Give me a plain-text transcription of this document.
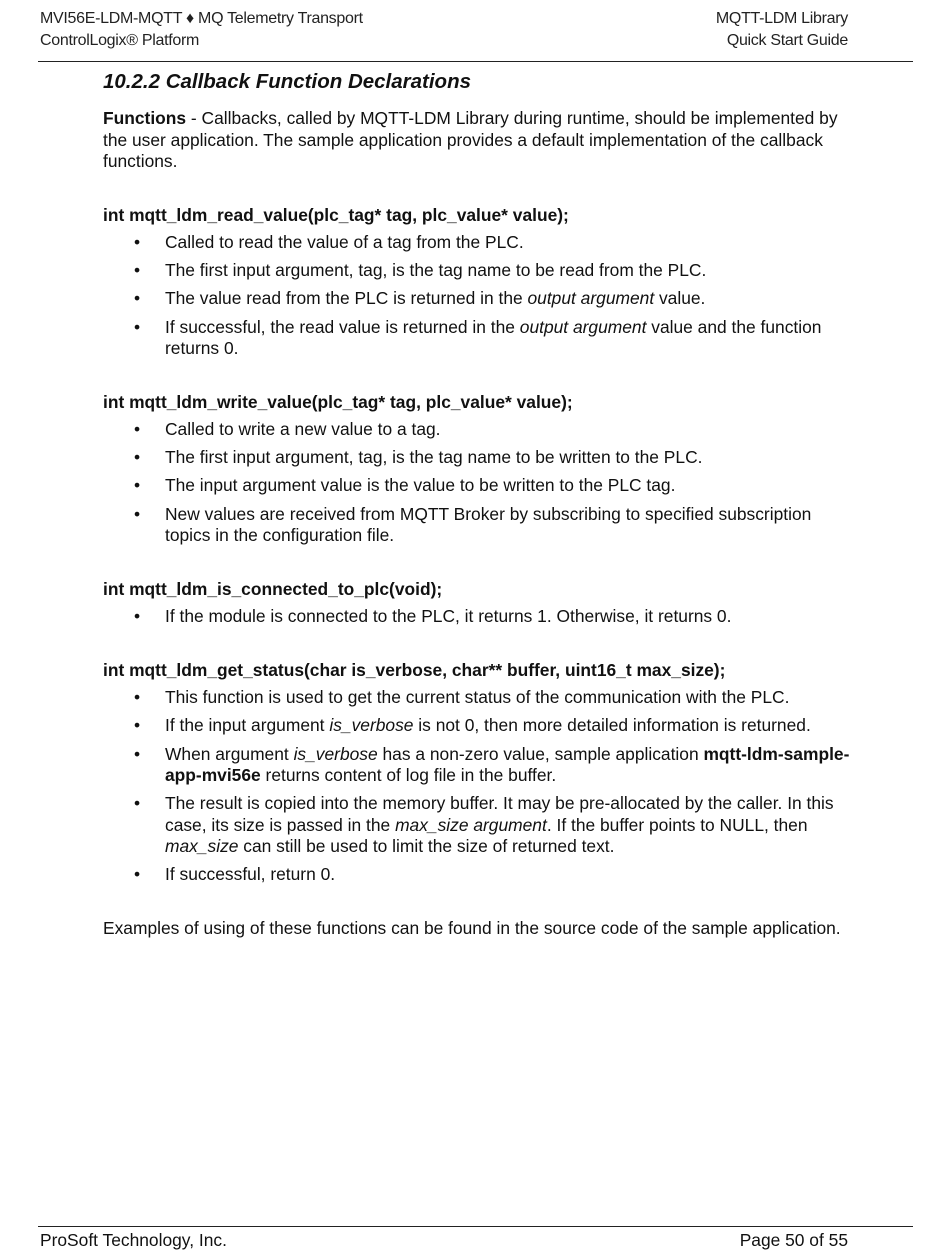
MVI56E-LDM-MQTT ♦ MQ Telemetry Transport
ControlLogix® Platform
MQTT-LDM Library
Quick Start Guide
10.2.2 Callback Function Declarations

Functions - Callbacks, called by MQTT-LDM Library during runtime, should be implemented by the user application. The sample application provides a default implementation of the callback functions.

int mqtt_ldm_read_value(plc_tag* tag, plc_value* value);

• Called to read the value of a tag from the PLC.
• The first input argument, tag, is the tag name to be read from the PLC.
• The value read from the PLC is returned in the output argument value.
• If successful, the read value is returned in the output argument value and the function returns 0.

int mqtt_ldm_write_value(plc_tag* tag, plc_value* value);

• Called to write a new value to a tag.
• The first input argument, tag, is the tag name to be written to the PLC.
• The input argument value is the value to be written to the PLC tag.
• New values are received from MQTT Broker by subscribing to specified subscription topics in the configuration file.

int mqtt_ldm_is_connected_to_plc(void);

• If the module is connected to the PLC, it returns 1. Otherwise, it returns 0.

int mqtt_ldm_get_status(char is_verbose, char** buffer, uint16_t max_size);

• This function is used to get the current status of the communication with the PLC.
• If the input argument is_verbose is not 0, then more detailed information is returned.
• When argument is_verbose has a non-zero value, sample application mqtt-ldm-sample-app-mvi56e returns content of log file in the buffer.
• The result is copied into the memory buffer. It may be pre-allocated by the caller. In this case, its size is passed in the max_size argument. If the buffer points to NULL, then max_size can still be used to limit the size of returned text.
• If successful, return 0.

Examples of using of these functions can be found in the source code of the sample application.

ProSoft Technology, Inc.	Page 50 of 55
